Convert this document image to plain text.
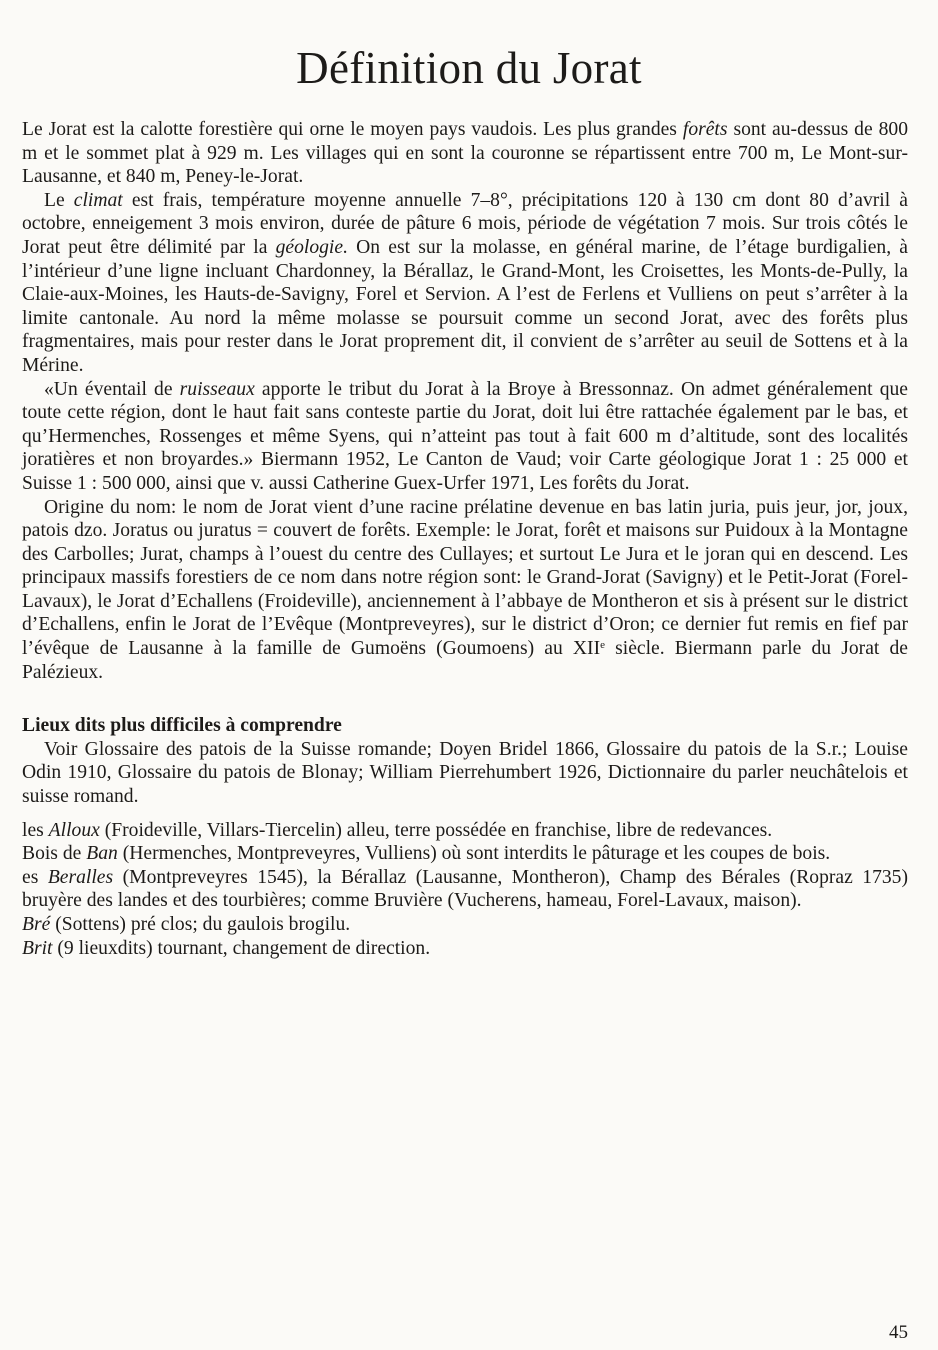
Définition du Jorat

Le Jorat est la calotte forestière qui orne le moyen pays vaudois. Les plus grandes forêts sont au-dessus de 800 m et le sommet plat à 929 m. Les villages qui en sont la couronne se répartissent entre 700 m, Le Mont-sur-Lausanne, et 840 m, Peney-le-Jorat.

Le climat est frais, température moyenne annuelle 7–8°, précipitations 120 à 130 cm dont 80 d’avril à octobre, enneigement 3 mois environ, durée de pâture 6 mois, période de végétation 7 mois. Sur trois côtés le Jorat peut être délimité par la géologie. On est sur la molasse, en général marine, de l’étage burdigalien, à l’intérieur d’une ligne incluant Chardonney, la Bérallaz, le Grand-Mont, les Croisettes, les Monts-de-Pully, la Claie-aux-Moines, les Hauts-de-Savigny, Forel et Servion. A l’est de Ferlens et Vulliens on peut s’arrêter à la limite cantonale. Au nord la même molasse se poursuit comme un second Jorat, avec des forêts plus fragmentaires, mais pour rester dans le Jorat proprement dit, il convient de s’arrêter au seuil de Sottens et à la Mérine.

«Un éventail de ruisseaux apporte le tribut du Jorat à la Broye à Bressonnaz. On admet généralement que toute cette région, dont le haut fait sans conteste partie du Jorat, doit lui être rattachée également par le bas, et qu’Hermenches, Rossenges et même Syens, qui n’atteint pas tout à fait 600 m d’altitude, sont des localités joratières et non broyardes.» Biermann 1952, Le Canton de Vaud; voir Carte géologique Jorat 1 : 25 000 et Suisse 1 : 500 000, ainsi que v. aussi Catherine Guex-Urfer 1971, Les forêts du Jorat.

Origine du nom: le nom de Jorat vient d’une racine prélatine devenue en bas latin juria, puis jeur, jor, joux, patois dzo. Joratus ou juratus = couvert de forêts. Exemple: le Jorat, forêt et maisons sur Puidoux à la Montagne des Carbolles; Jurat, champs à l’ouest du centre des Cullayes; et surtout Le Jura et le joran qui en descend. Les principaux massifs forestiers de ce nom dans notre région sont: le Grand-Jorat (Savigny) et le Petit-Jorat (Forel-Lavaux), le Jorat d’Echallens (Froideville), anciennement à l’abbaye de Montheron et sis à présent sur le district d’Echallens, enfin le Jorat de l’Evêque (Montpreveyres), sur le district d’Oron; ce dernier fut remis en fief par l’évêque de Lausanne à la famille de Gumoëns (Goumoens) au XIIe siècle. Biermann parle du Jorat de Palézieux.

Lieux dits plus difficiles à comprendre

Voir Glossaire des patois de la Suisse romande; Doyen Bridel 1866, Glossaire du patois de la S.r.; Louise Odin 1910, Glossaire du patois de Blonay; William Pierrehumbert 1926, Dictionnaire du parler neuchâtelois et suisse romand.

les Alloux (Froideville, Villars-Tiercelin) alleu, terre possédée en franchise, libre de redevances.

Bois de Ban (Hermenches, Montpreveyres, Vulliens) où sont interdits le pâturage et les coupes de bois.

es Beralles (Montpreveyres 1545), la Bérallaz (Lausanne, Montheron), Champ des Bérales (Ropraz 1735) bruyère des landes et des tourbières; comme Bruvière (Vucherens, hameau, Forel-Lavaux, maison).

Bré (Sottens) pré clos; du gaulois brogilu.

Brit (9 lieuxdits) tournant, changement de direction.

45
